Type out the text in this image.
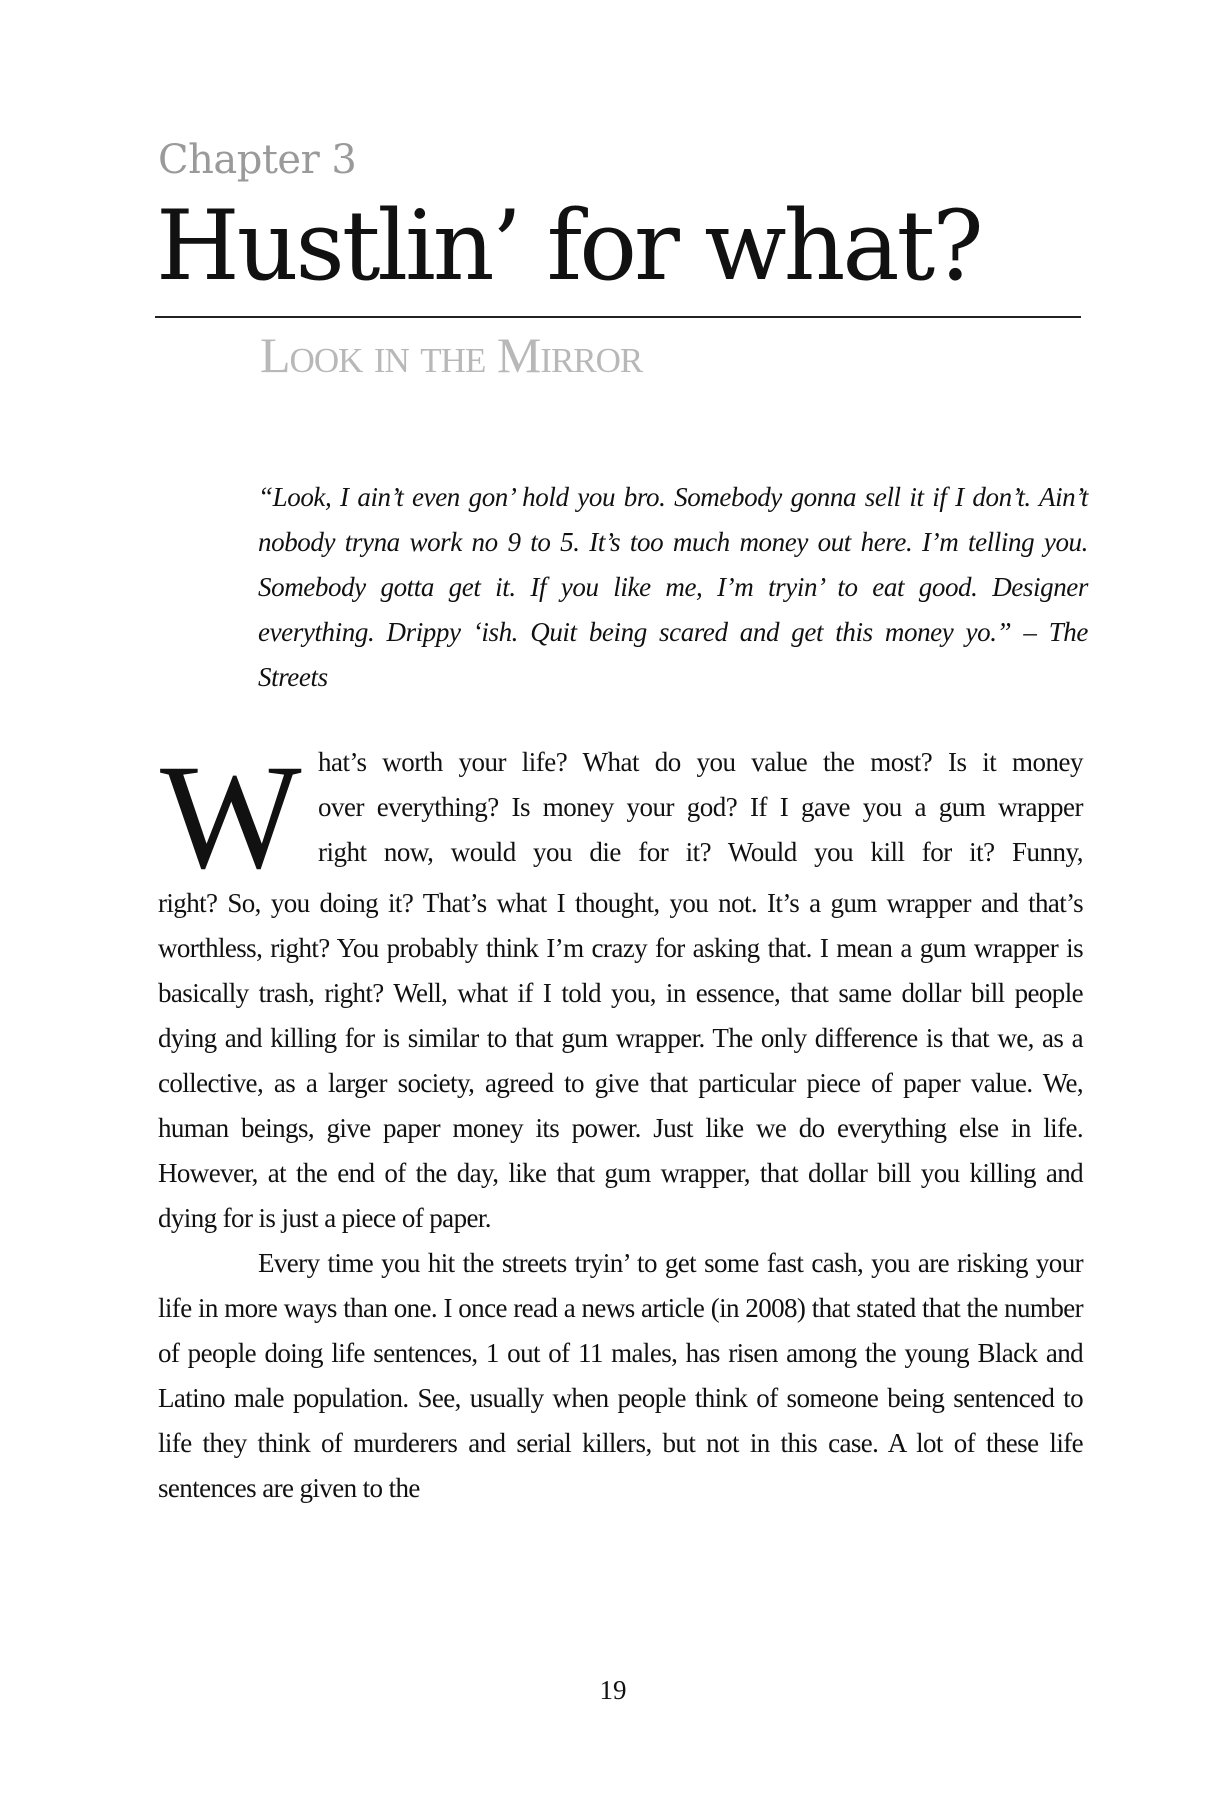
Chapter 3
Hustlin’ for what?
Look in the Mirror

“Look, I ain’t even gon’ hold you bro. Somebody gonna sell it if I don’t. Ain’t nobody tryna work no 9 to 5. It’s too much money out here. I’m telling you. Somebody gotta get it. If you like me, I’m tryin’ to eat good. Designer everything. Drippy ‘ish. Quit being scared and get this money yo.” – The Streets

W hat’s worth your life? What do you value the most? Is it money
over everything? Is money your god? If I gave you a gum wrapper
right now, would you die for it? Would you kill for it? Funny,
right? So, you doing it? That’s what I thought, you not. It’s a gum wrapper and that’s worthless, right? You probably think I’m crazy for asking that. I mean a gum wrapper is basically trash, right? Well, what if I told you, in essence, that same dollar bill people dying and killing for is similar to that gum wrapper. The only difference is that we, as a collective, as a larger society, agreed to give that particular piece of paper value. We, human beings, give paper money its power. Just like we do everything else in life. However, at the end of the day, like that gum wrapper, that dollar bill you killing and dying for is just a piece of paper.
Every time you hit the streets tryin’ to get some fast cash, you are risking your life in more ways than one. I once read a news article (in 2008) that stated that the number of people doing life sentences, 1 out of 11 males, has risen among the young Black and Latino male population. See, usually when people think of someone being sentenced to life they think of murderers and serial killers, but not in this case. A lot of these life sentences are given to the
19
